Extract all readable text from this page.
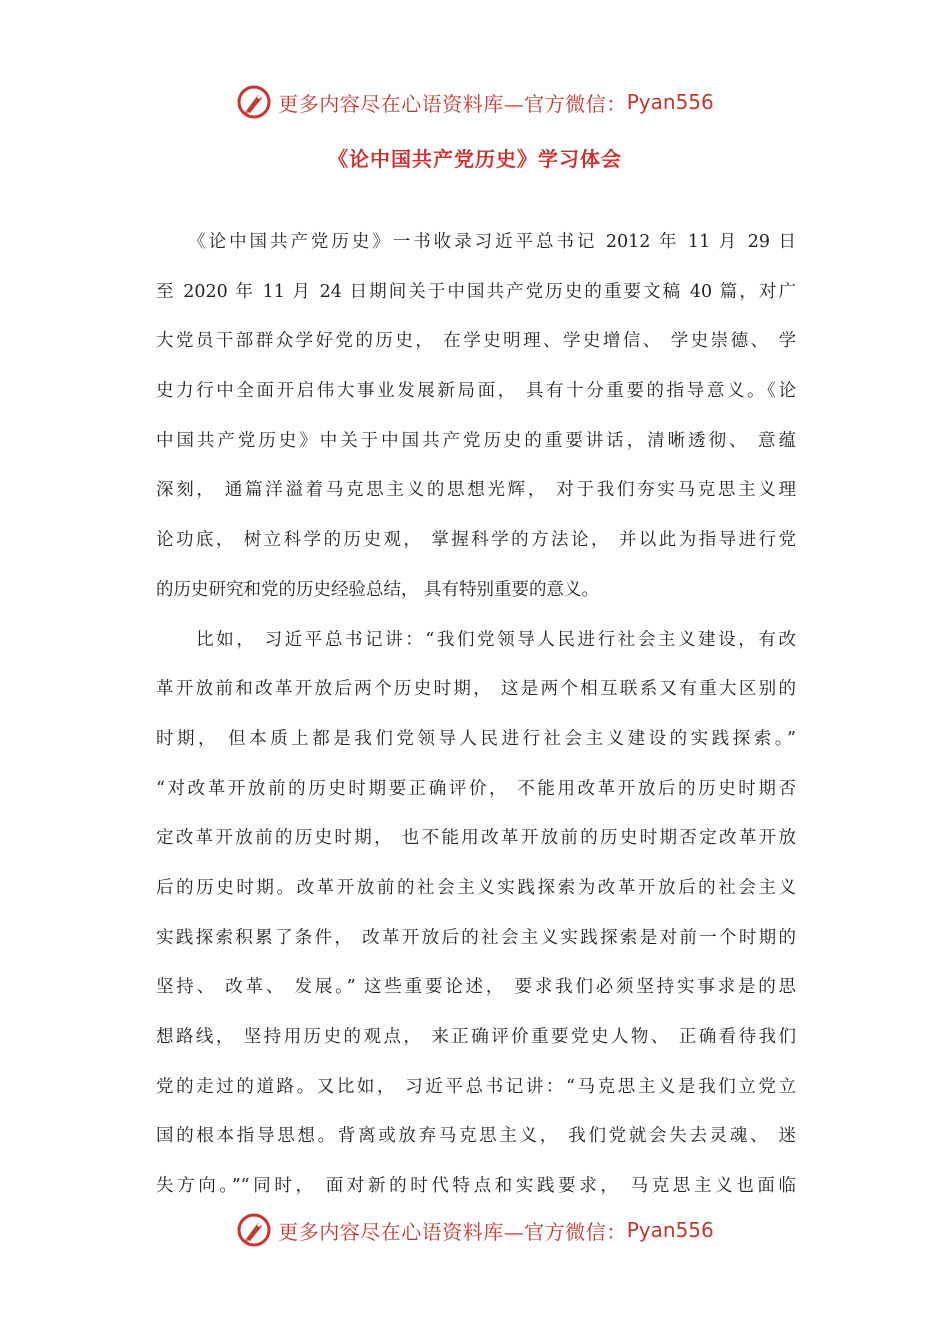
更多内容尽在心语资料库—官方微信： Pyan556
《论中国共产党历史》学习体会
　　《论中国共产党历史》一书收录习近平总书记 2012 年 11 月 29 日
至 2020 年 11 月 24 日期间关于中国共产党历史的重要文稿 40 篇，对广
大党员干部群众学好党的历史， 在学史明理、学史增信、 学史崇德、 学
史力行中全面开启伟大事业发展新局面， 具有十分重要的指导意义。《论
中国共产党历史》中关于中国共产党历史的重要讲话，清晰透彻、 意蕴
深刻， 通篇洋溢着马克思主义的思想光辉， 对于我们夯实马克思主义理
论功底， 树立科学的历史观， 掌握科学的方法论， 并以此为指导进行党
的历史研究和党的历史经验总结， 具有特别重要的意义。
　　比如， 习近平总书记讲：“我们党领导人民进行社会主义建设，有改
革开放前和改革开放后两个历史时期， 这是两个相互联系又有重大区别的
时期， 但本质上都是我们党领导人民进行社会主义建设的实践探索。”
“对改革开放前的历史时期要正确评价， 不能用改革开放后的历史时期否
定改革开放前的历史时期， 也不能用改革开放前的历史时期否定改革开放
后的历史时期。改革开放前的社会主义实践探索为改革开放后的社会主义
实践探索积累了条件， 改革开放后的社会主义实践探索是对前一个时期的
坚持、 改革、 发展。” 这些重要论述， 要求我们必须坚持实事求是的思
想路线， 坚持用历史的观点， 来正确评价重要党史人物、 正确看待我们
党的走过的道路。又比如， 习近平总书记讲：“马克思主义是我们立党立
国的根本指导思想。背离或放弃马克思主义， 我们党就会失去灵魂、 迷
失方向。”“同时， 面对新的时代特点和实践要求， 马克思主义也面临
更多内容尽在心语资料库—官方微信： Pyan556
